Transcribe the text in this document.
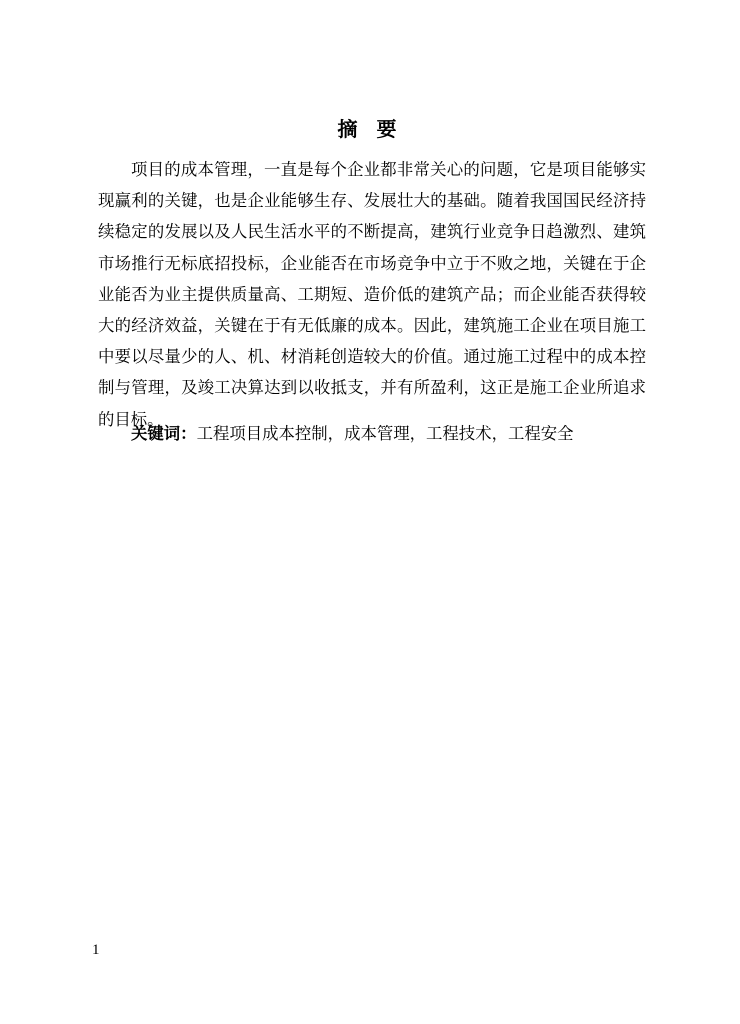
摘 要

项目的成本管理，一直是每个企业都非常关心的问题，它是项目能够实现赢利的关键，也是企业能够生存、发展壮大的基础。随着我国国民经济持续稳定的发展以及人民生活水平的不断提高，建筑行业竞争日趋激烈、建筑市场推行无标底招投标，企业能否在市场竞争中立于不败之地，关键在于企业能否为业主提供质量高、工期短、造价低的建筑产品；而企业能否获得较大的经济效益，关键在于有无低廉的成本。因此，建筑施工企业在项目施工中要以尽量少的人、机、材消耗创造较大的价值。通过施工过程中的成本控制与管理，及竣工决算达到以收抵支，并有所盈利，这正是施工企业所追求的目标。

关键词：工程项目成本控制，成本管理，工程技术，工程安全
1
